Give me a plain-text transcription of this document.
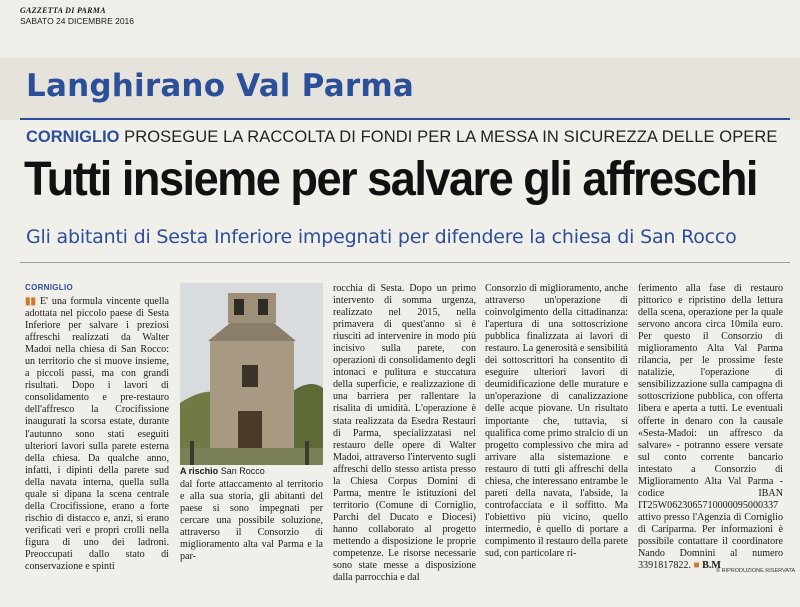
GAZZETTA DI PARMA
SABATO 24 DICEMBRE 2016
Langhirano Val Parma
CORNIGLIO PROSEGUE LA RACCOLTA DI FONDI PER LA MESSA IN SICUREZZA DELLE OPERE
Tutti insieme per salvare gli affreschi
Gli abitanti di Sesta Inferiore impegnati per difendere la chiesa di San Rocco
CORNIGLIO

▮▮ E' una formula vincente quella adottata nel piccolo paese di Sesta Inferiore per salvare i preziosi affreschi realizzati da Walter Madoi nella chiesa di San Rocco: un territorio che si muove insieme, a piccoli passi, ma con grandi risultati. Dopo i lavori di consolidamento e pre-restauro dell'affresco la Crocifissione inaugurati la scorsa estate, durante l'autunno sono stati eseguiti ulteriori lavori sulla parete esterna della chiesa. Da qualche anno, infatti, i dipinti della parete sud della navata interna, quella sulla quale si dipana la scena centrale della Crocifissione, erano a forte rischio di distacco e, anzi, si erano verificati veri e propri crolli nella figura di uno dei ladroni. Preoccupati dallo stato di conservazione e spinti

A rischio San Rocco

dal forte attaccamento al territorio e alla sua storia, gli abitanti del paese si sono impegnati per cercare una possibile soluzione, attraverso il Consorzio di miglioramento alta val Parma e la par-

rocchia di Sesta. Dopo un primo intervento di somma urgenza, realizzato nel 2015, nella primavera di quest'anno si è riusciti ad intervenire in modo più incisivo sulla parete, con operazioni di consolidamento degli intonaci e pulitura e stuccatura della superficie, e realizzazione di una barriera per rallentare la risalita di umidità. L'operazione è stata realizzata da Esedra Restauri di Parma, specializzatasi nel restauro delle opere di Walter Madoi, attraverso l'intervento sugli affreschi dello stesso artista presso la Chiesa Corpus Domini di Parma, mentre le istituzioni del territorio (Comune di Corniglio, Parchi del Ducato e Diocesi) hanno collaborato al progetto mettendo a disposizione le proprie competenze. Le risorse necessarie sono state messe a disposizione dalla parrocchia e dal

Consorzio di miglioramento, anche attraverso un'operazione di coinvolgimento della cittadinanza: l'apertura di una sottoscrizione pubblica finalizzata ai lavori di restauro. La generosità e sensibilità dei sottoscrittori ha consentito di eseguire ulteriori lavori di deumidificazione delle murature e un'operazione di canalizzazione delle acque piovane. Un risultato importante che, tuttavia, si qualifica come primo stralcio di un progetto complessivo che mira ad arrivare alla sistemazione e restauro di tutti gli affreschi della chiesa, che interessano entrambe le pareti della navata, l'abside, la controfacciata e il soffitto. Ma l'obiettivo più vicino, quello intermedio, è quello di portare a compimento il restauro della parete sud, con particolare ri-

ferimento alla fase di restauro pittorico e ripristino della lettura della scena, operazione per la quale servono ancora circa 10mila euro. Per questo il Consorzio di miglioramento Alta Val Parma rilancia, per le prossime feste natalizie, l'operazione di sensibilizzazione sulla campagna di sottoscrizione pubblica, con offerta libera e aperta a tutti. Le eventuali offerte in denaro con la causale «Sesta-Madoi: un affresco da salvare» - potranno essere versate sul conto corrente bancario intestato a Consorzio di Miglioramento Alta Val Parma - codice IBAN IT25W0623065710000095000337 attivo presso l'Agenzia di Corniglio di Cariparma. Per informazioni è possibile contattare il coordinatore Nando Domnini al numero 3391817822. ■ B.M

© RIPRODUZIONE RISERVATA
